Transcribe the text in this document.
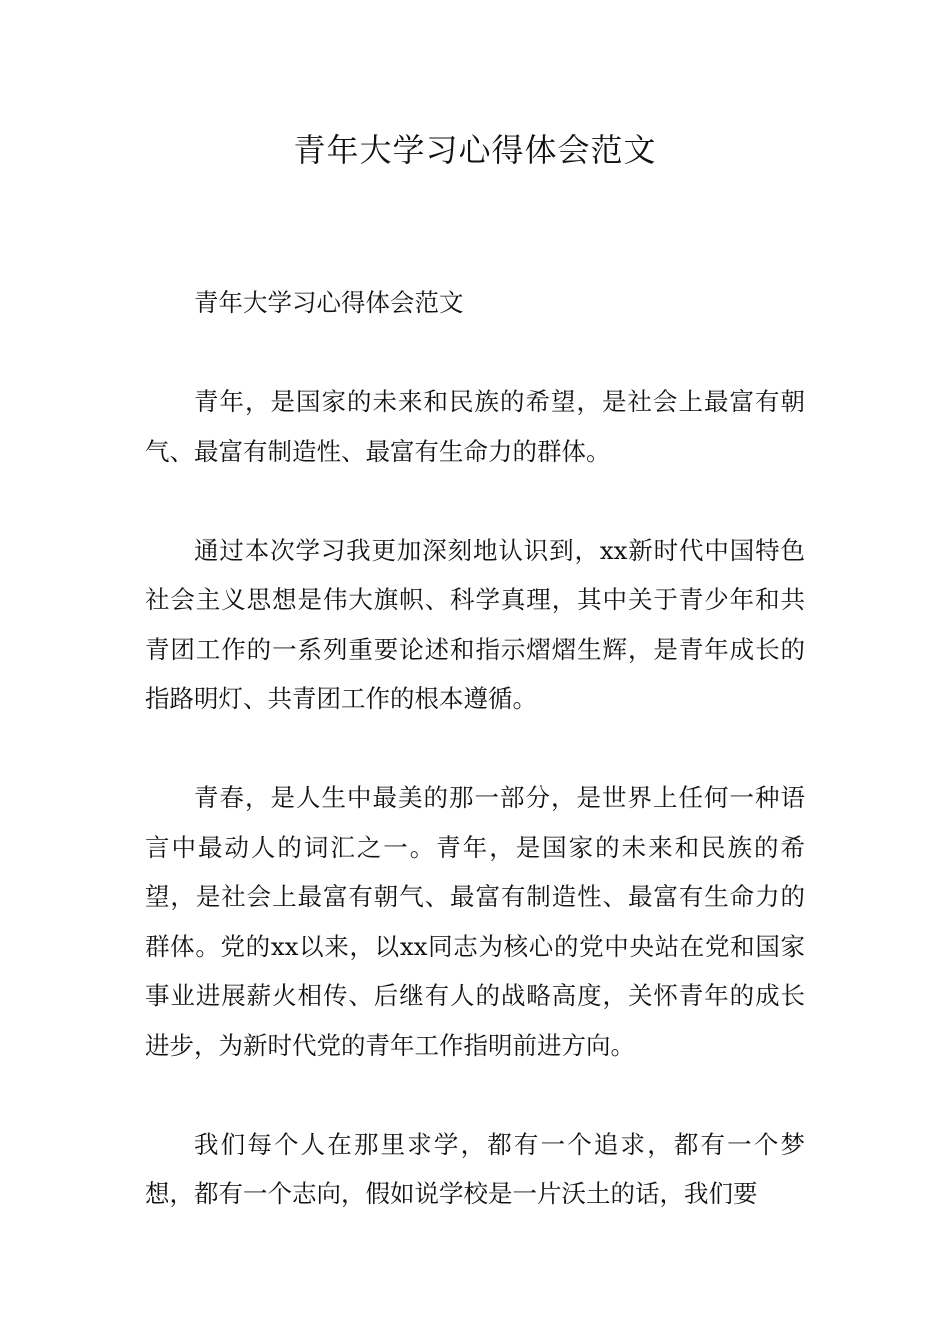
青年大学习心得体会范文

青年大学习心得体会范文

青年，是国家的未来和民族的希望，是社会上最富有朝气、最富有制造性、最富有生命力的群体。

通过本次学习我更加深刻地认识到，xx新时代中国特色社会主义思想是伟大旗帜、科学真理，其中关于青少年和共青团工作的一系列重要论述和指示熠熠生辉，是青年成长的指路明灯、共青团工作的根本遵循。

青春，是人生中最美的那一部分，是世界上任何一种语言中最动人的词汇之一。青年，是国家的未来和民族的希望，是社会上最富有朝气、最富有制造性、最富有生命力的群体。党的xx以来，以xx同志为核心的党中央站在党和国家事业进展薪火相传、后继有人的战略高度，关怀青年的成长进步，为新时代党的青年工作指明前进方向。

我们每个人在那里求学，都有一个追求，都有一个梦想，都有一个志向，假如说学校是一片沃土的话，我们要
